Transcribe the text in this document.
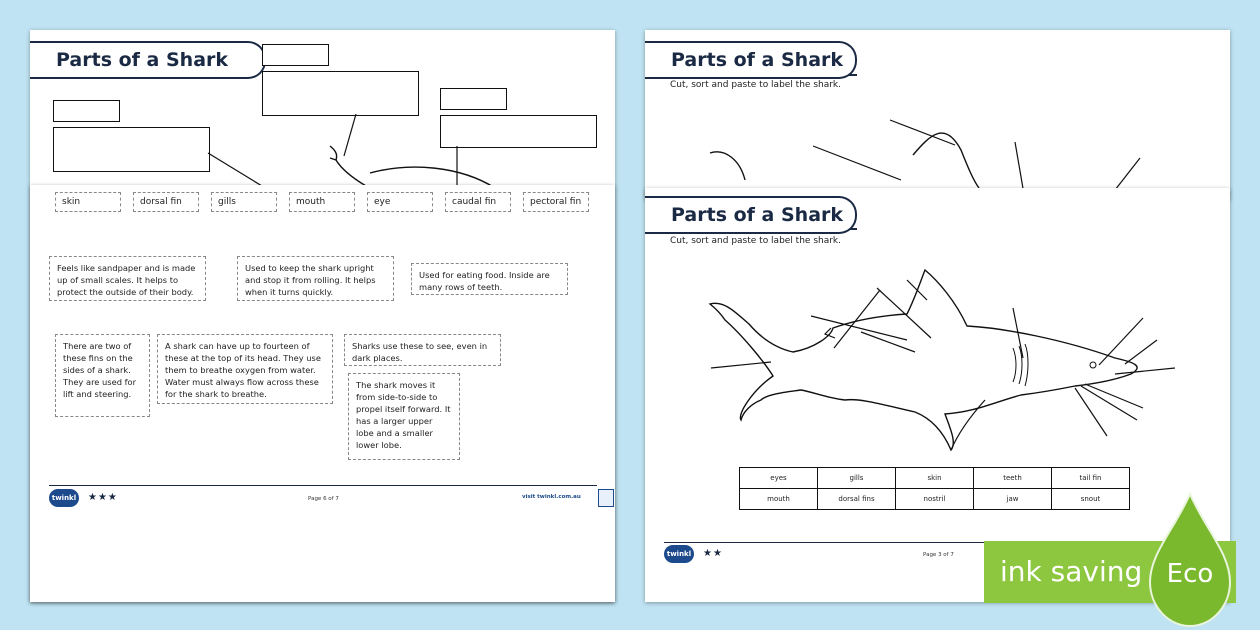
Parts of a Shark
skin	dorsal fin	gills	mouth	eye	caudal fin	pectoral fin
Feels like sandpaper and is made up of small scales. It helps to protect the outside of their body.
Used to keep the shark upright and stop it from rolling. It helps when it turns quickly.
Used for eating food. Inside are many rows of teeth.
There are two of these fins on the sides of a shark. They are used for lift and steering.
A shark can have up to fourteen of these at the top of its head. They use them to breathe oxygen from water. Water must always flow across these for the shark to breathe.
Sharks use these to see, even in dark places.
The shark moves it from side-to-side to propel itself forward. It has a larger upper lobe and a smaller lower lobe.
twinkl ★★★	Page 6 of 7	visit twinkl.com.au
Parts of a Shark
Cut, sort and paste to label the shark.
Parts of a Shark
Cut, sort and paste to label the shark.
eyes	gills	skin	teeth	tail fin
mouth	dorsal fins	nostril	jaw	snout
twinkl ★★	Page 3 of 7 ink saving Eco
